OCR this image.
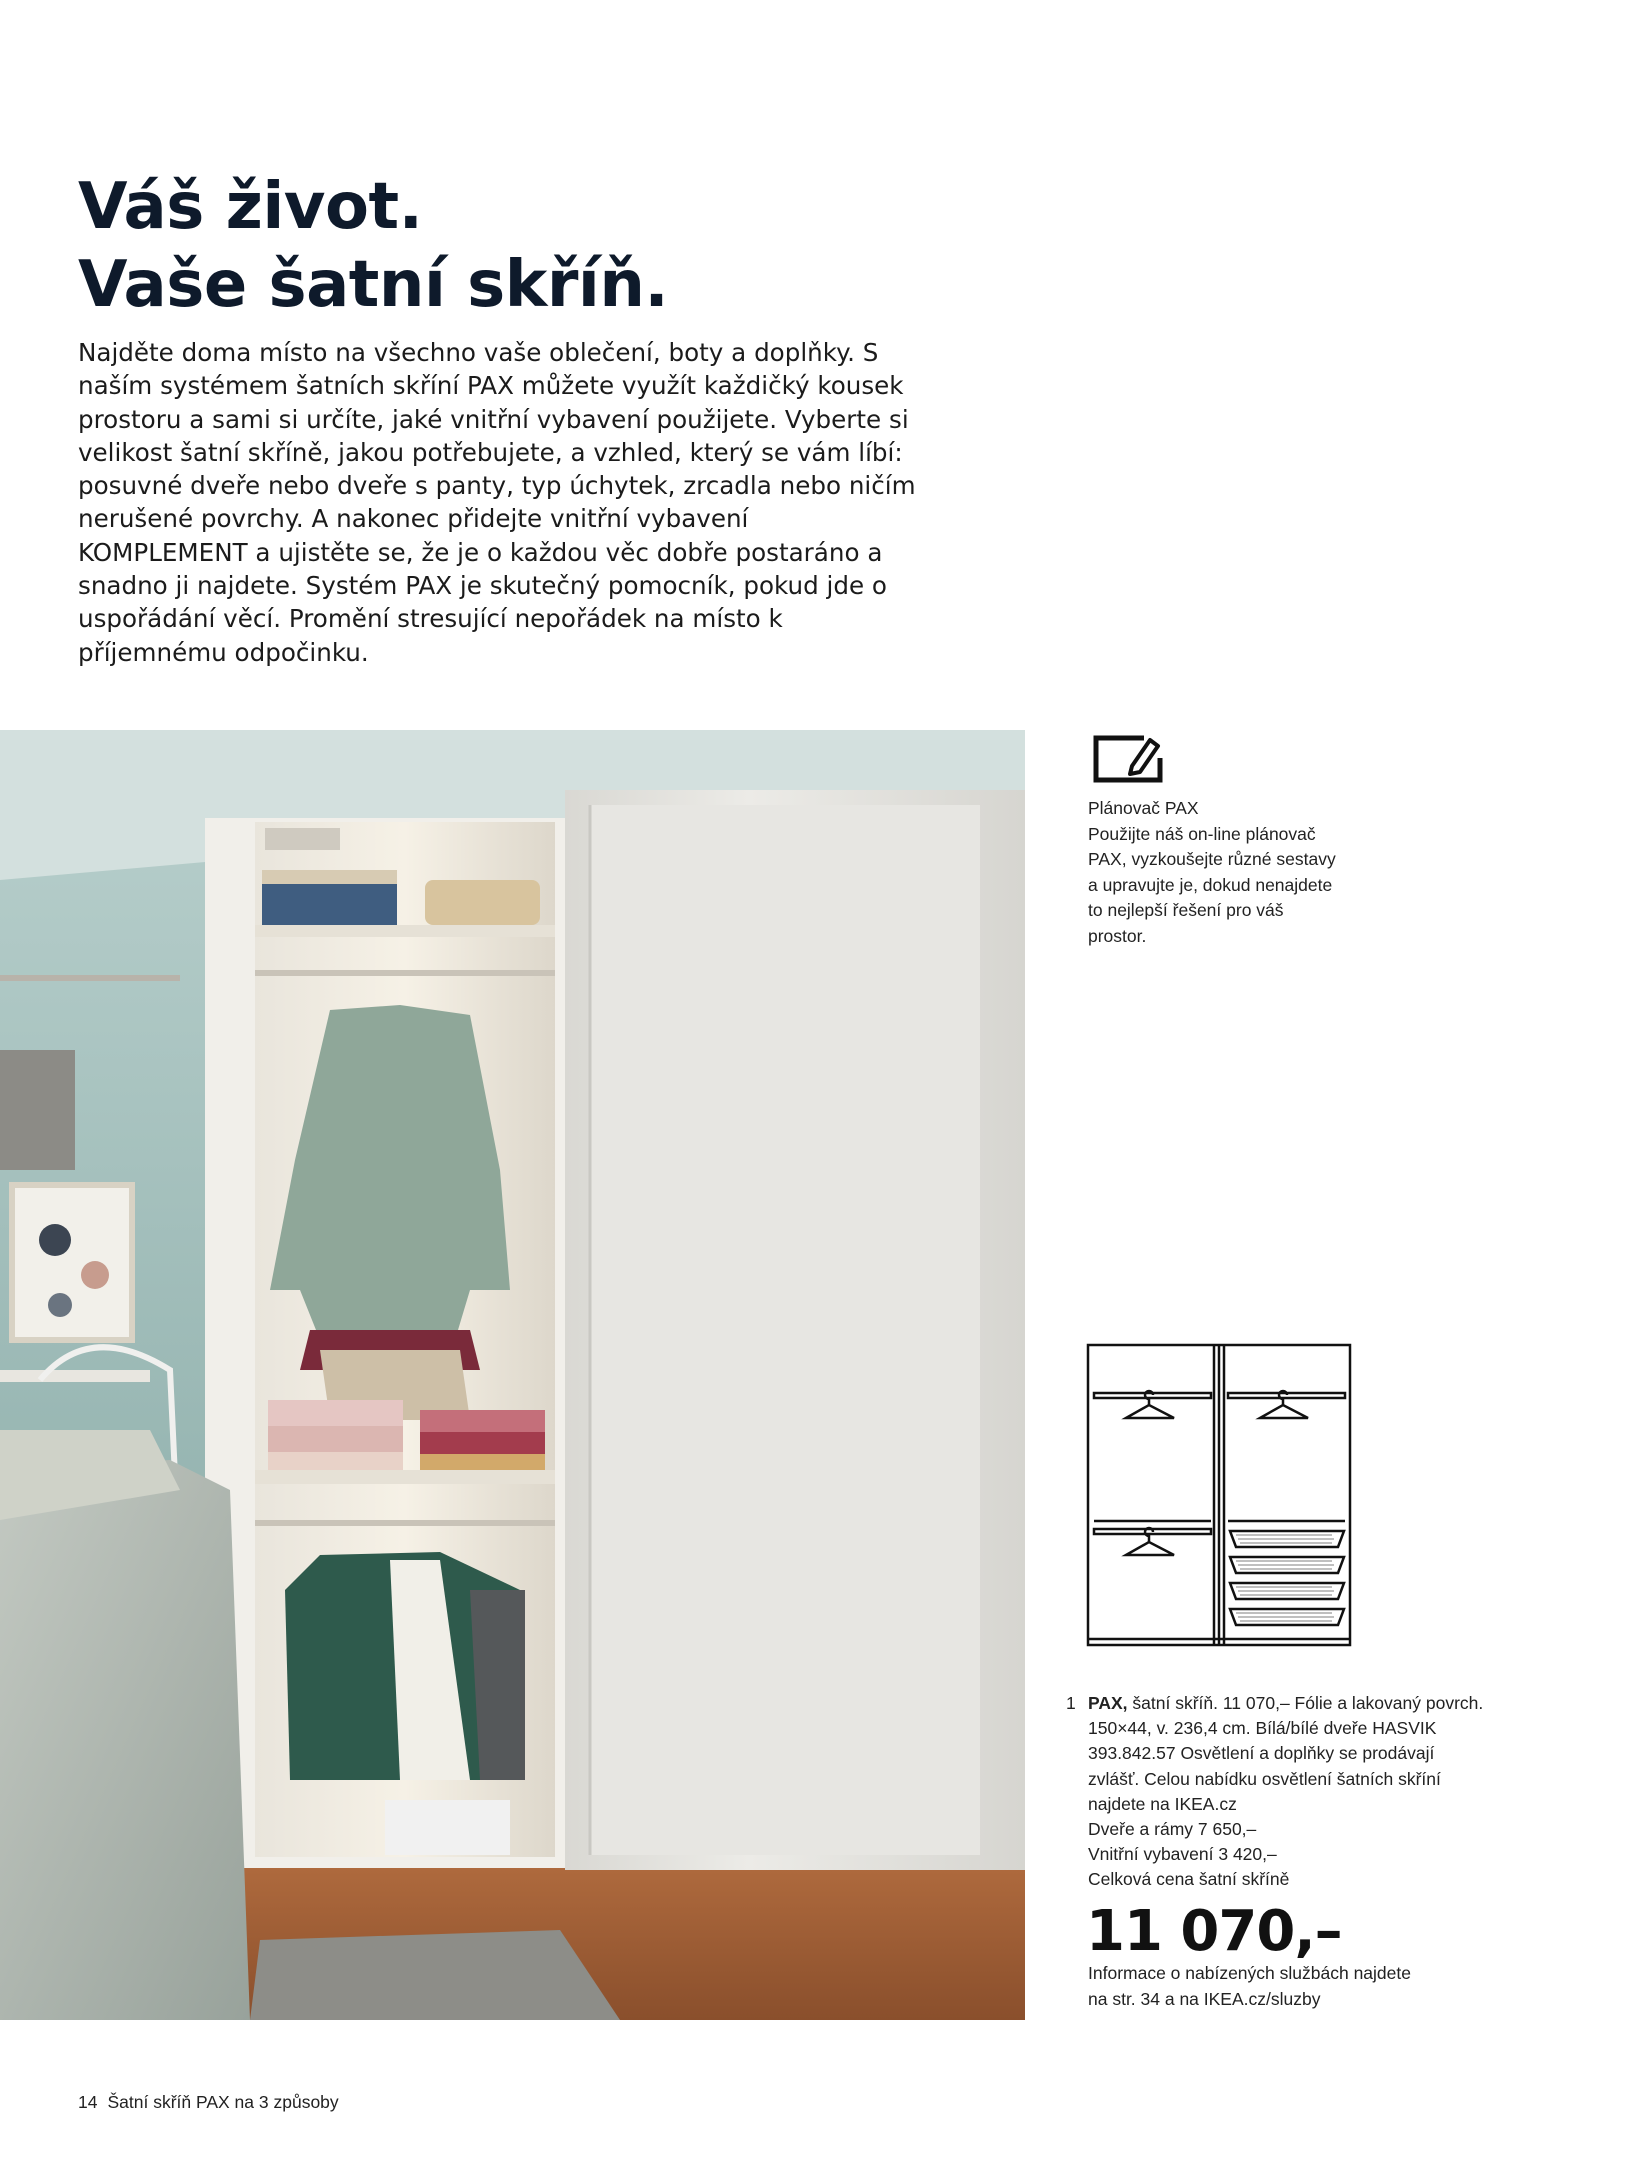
Váš život.
Vaše šatní skříň.

Najděte doma místo na všechno vaše oblečení, boty a doplňky. S naším systémem šatních skříní PAX můžete využít každičký kousek prostoru a sami si určíte, jaké vnitřní vybavení použijete. Vyberte si velikost šatní skříně, jakou potřebujete, a vzhled, který se vám líbí: posuvné dveře nebo dveře s panty, typ úchytek, zrcadla nebo ničím nerušené povrchy. A nakonec přidejte vnitřní vybavení KOMPLEMENT a ujistěte se, že je o každou věc dobře postaráno a snadno ji najdete. Systém PAX je skutečný pomocník, pokud jde o uspořádání věcí. Promění stresující nepořádek na místo k příjemnému odpočinku.

Plánovač PAX
Použijte náš on-line plánovač
PAX, vyzkoušejte různé sestavy
a upravujte je, dokud nenajdete
to nejlepší řešení pro váš
prostor.
1 PAX, šatní skříň. 11 070,– Fólie a lakovaný povrch.
150×44, v. 236,4 cm. Bílá/bílé dveře HASVIK
393.842.57 Osvětlení a doplňky se prodávají
zvlášť. Celou nabídku osvětlení šatních skříní
najdete na IKEA.cz
Dveře a rámy 7 650,–
Vnitřní vybavení 3 420,–
Celková cena šatní skříně
11 070,–
Informace o nabízených službách najdete
na str. 34 a na IKEA.cz/sluzby
14 Šatní skříň PAX na 3 způsoby
